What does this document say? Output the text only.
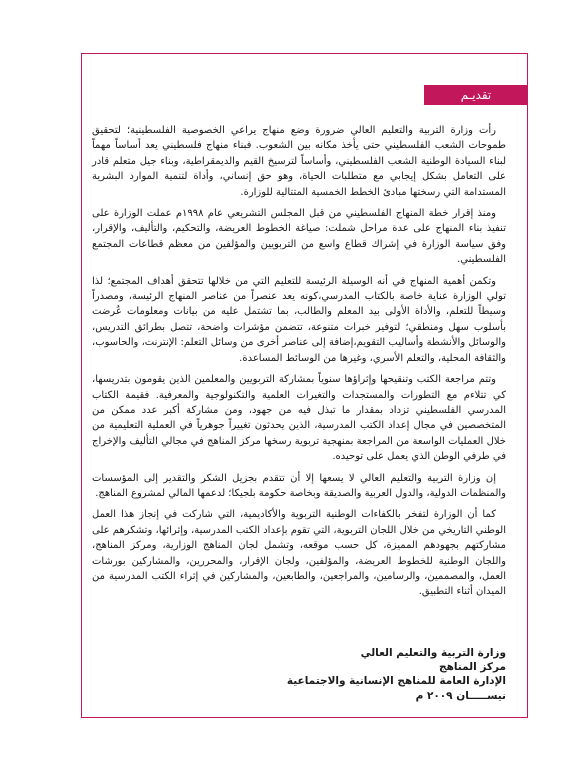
تقديـم

رأت وزارة التربية والتعليم العالي ضرورة وضع منهاج يراعي الخصوصية الفلسطينية؛ لتحقيق طموحات الشعب الفلسطيني حتى يأخذ مكانه بين الشعوب. فبناء منهاج فلسطيني يعد أساساً مهماً لبناء السيادة الوطنية الشعب الفلسطيني، وأساساً لترسيخ القيم والديمقراطية، وبناء جيل متعلم قادر على التعامل بشكل إيجابي مع متطلبات الحياة، وهو حق إنساني، وأداة لتنمية الموارد البشرية المستدامة التي رسختها مبادئ الخطط الخمسية المتتالية للوزارة.

ومنذ إقرار خطة المنهاج الفلسطيني من قبل المجلس التشريعي عام ١٩٩٨م عملت الوزارة على تنفيذ بناء المنهاج على عدة مراحل شملت: صياغة الخطوط العريضة، والتحكيم، والتأليف، والإقرار، وفق سياسة الوزارة في إشراك قطاع واسع من التربويين والمؤلفين من معظم قطاعات المجتمع الفلسطيني.

وتكمن أهمية المنهاج في أنه الوسيلة الرئيسة للتعليم التي من خلالها تتحقق أهداف المجتمع؛ لذا تولي الوزارة عناية خاصة بالكتاب المدرسي،كونه يعد عنصراً من عناصر المنهاج الرئيسة، ومصدراً وسيطاً للتعلم، والأداة الأولى بيد المعلم والطالب، بما تشتمل عليه من بيانات ومعلومات عُرضت بأسلوب سهل ومنطقي؛ لتوفير خبرات متنوعة، تتضمن مؤشرات واضحة، تتصل بطرائق التدريس، والوسائل والأنشطة وأساليب التقويم،إضافة إلى عناصر أخرى من وسائل التعلم: الإنترنت، والحاسوب، والثقافة المحلية، والتعلم الأسري، وغيرها من الوسائط المساعدة.

وتتم مراجعة الكتب وتنقيحها وإثراؤها سنوياً بمشاركة التربويين والمعلمين الذين يقومون بتدريسها، كي تتلاءم مع التطورات والمستجدات والتغيرات العلمية والتكنولوجية والمعرفية. فقيمة الكتاب المدرسي الفلسطيني تزداد بمقدار ما تبذل فيه من جهود، ومن مشاركة أكبر عدد ممكن من المتخصصين في مجال إعداد الكتب المدرسية، الذين يحدثون تغييراً جوهرياً في العملية التعليمية من خلال العمليات الواسعة من المراجعة بمنهجية تربوية رسخها مركز المناهج في مجالي التأليف والإخراج في طرفي الوطن الذي يعمل على توحيده.

إن وزارة التربية والتعليم العالي لا يسعها إلا أن تتقدم بجزيل الشكر والتقدير إلى المؤسسات والمنظمات الدولية، والدول العربية والصديقة وبخاصة حكومة بلجيكا؛ لدعمها المالي لمشروع المناهج.

كما أن الوزارة لتفخر بالكفاءات الوطنية التربوية والأكاديمية، التي شاركت في إنجاز هذا العمل الوطني التاريخي من خلال اللجان التربوية، التي تقوم بإعداد الكتب المدرسية، وإثرائها، وتشكرهم على مشاركتهم بجهودهم المميزة، كل حسب موقعه، وتشمل لجان المناهج الوزارية، ومركز المناهج، واللجان الوطنية للخطوط العريضة، والمؤلفين، ولجان الإقرار، والمحررين، والمشاركين بورشات العمل، والمصممين، والرسامين، والمراجعين، والطابعين، والمشاركين في إثراء الكتب المدرسية من الميدان أثناء التطبيق.

وزارة التربية والتعليم العالي
مركز المناهج
الإدارة العامة للمناهج الإنسانية والاجتماعية
نيســـــان ٢٠٠٩ م
